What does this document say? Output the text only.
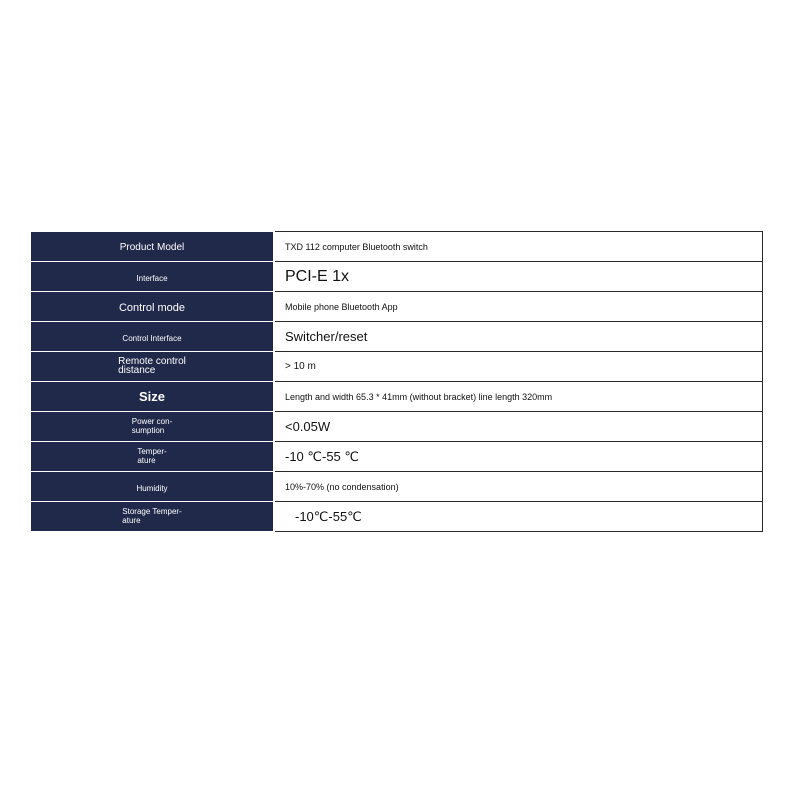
Product Model	TXD 112 computer Bluetooth switch
Interface	PCI-E 1x
Control mode	Mobile phone Bluetooth App
Control Interface	Switcher/reset
Remote control
distance	> 10 m
Size	Length and width 65.3 * 41mm (without bracket) line length 320mm
Power con-
sumption	<0.05W
Temper-
ature	-10 ℃-55 ℃
Humidity	10%-70% (no condensation)
Storage Temper-
ature	-10℃-55℃
